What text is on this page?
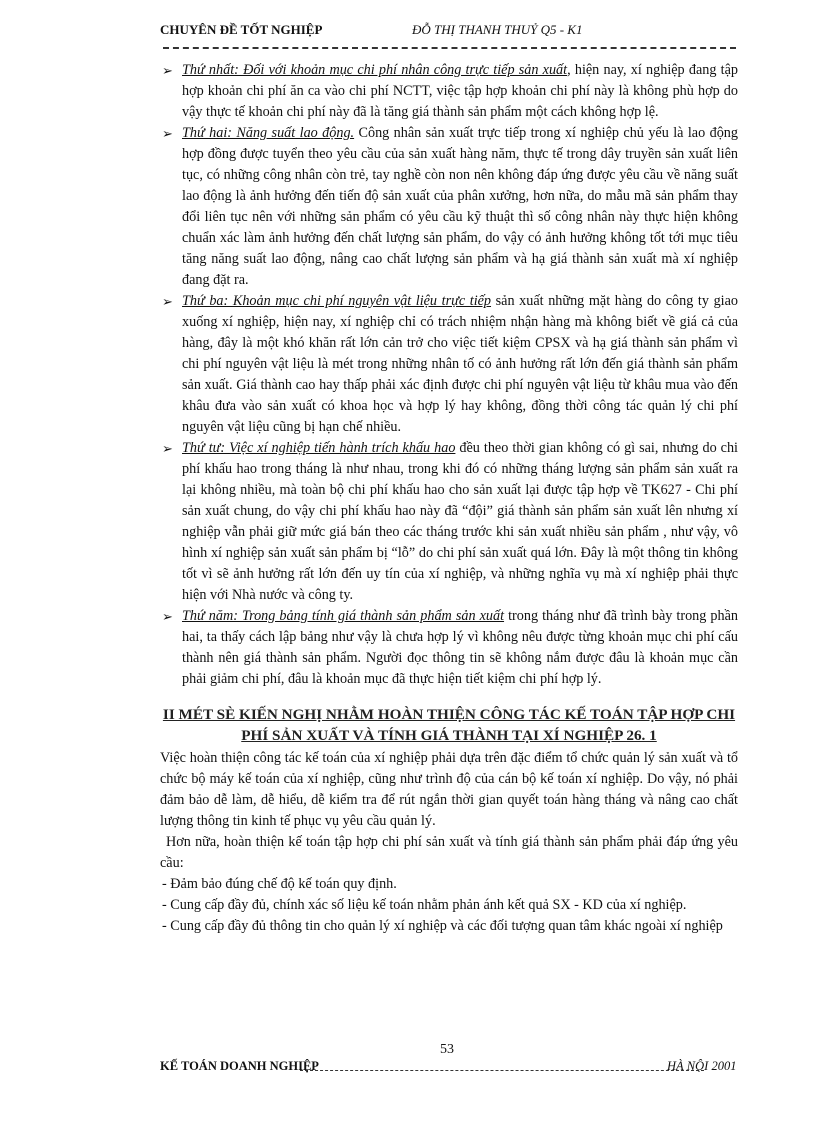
CHUYÊN ĐỀ TỐT NGHIỆP	ĐỖ THỊ THANH THUỶ Q5 - K1

➢ Thứ nhất: Đối với khoản mục chi phí nhân công trực tiếp sản xuất, hiện nay, xí nghiệp đang tập hợp khoản chi phí ăn ca vào chi phí NCTT, việc tập hợp khoản chi phí này là không phù hợp do vậy thực tế khoản chi phí này đã là tăng giá thành sản phẩm một cách không hợp lệ.

➢ Thứ hai: Năng suất lao động. Công nhân sản xuất trực tiếp trong xí nghiệp chủ yếu là lao động hợp đồng được tuyển theo yêu cầu của sản xuất hàng năm, thực tế trong dây truyền sản xuất liên tục, có những công nhân còn trẻ, tay nghề còn non nên không đáp ứng được yêu cầu về năng suất lao động là ảnh hưởng đến tiến độ sản xuất của phân xưởng, hơn nữa, do mẫu mã sản phẩm thay đổi liên tục nên với những sản phẩm có yêu cầu kỹ thuật thì số công nhân này thực hiện không chuẩn xác làm ảnh hưởng đến chất lượng sản phẩm, do vậy có ảnh hưởng không tốt tới mục tiêu tăng năng suất lao động, nâng cao chất lượng sản phẩm và hạ giá thành sản xuất mà xí nghiệp đang đặt ra.

➢ Thứ ba: Khoản mục chi phí nguyên vật liệu trực tiếp sản xuất những mặt hàng do công ty giao xuống xí nghiệp, hiện nay, xí nghiệp chỉ có trách nhiệm nhận hàng mà không biết về giá cả của hàng, đây là một khó khăn rất lớn cản trở cho việc tiết kiệm CPSX và hạ giá thành sản phẩm vì chi phí nguyên vật liệu là mét trong những nhân tố có ảnh hưởng rất lớn đến giá thành sản phẩm sản xuất. Giá thành cao hay thấp phải xác định được chi phí nguyên vật liệu từ khâu mua vào đến khâu đưa vào sản xuất có khoa học và hợp lý hay không, đồng thời công tác quản lý chi phí nguyên vật liệu cũng bị hạn chế nhiều.

➢ Thứ tư: Việc xí nghiệp tiến hành trích khấu hao đều theo thời gian không có gì sai, nhưng do chi phí khấu hao trong tháng là như nhau, trong khi đó có những tháng lượng sản phẩm sản xuất ra lại không nhiều, mà toàn bộ chi phí khấu hao cho sản xuất lại được tập hợp về TK627 - Chi phí sản xuất chung, do vậy chi phí khấu hao này đã “đội” giá thành sản phẩm sản xuất lên nhưng xí nghiệp vẫn phải giữ mức giá bán theo các tháng trước khi sản xuất nhiều sản phẩm , như vậy, vô hình xí nghiệp sản xuất sản phẩm bị “lỗ” do chi phí sản xuất quá lớn. Đây là một thông tin không tốt vì sẽ ảnh hưởng rất lớn đến uy tín của xí nghiệp, và những nghĩa vụ mà xí nghiệp phải thực hiện với Nhà nước và công ty.

➢ Thứ năm: Trong bảng tính giá thành sản phẩm sản xuất trong tháng như đã trình bày trong phần hai, ta thấy cách lập bảng như vậy là chưa hợp lý vì không nêu được từng khoản mục chi phí cấu thành nên giá thành sản phẩm. Người đọc thông tin sẽ không nắm được đâu là khoản mục cần phải giảm chi phí, đâu là khoản mục đã thực hiện tiết kiệm chi phí hợp lý.

II MÉT SÈ KIẾN NGHỊ NHẰM HOÀN THIỆN CÔNG TÁC KẾ TOÁN TẬP HỢP CHI PHÍ SẢN XUẤT VÀ TÍNH GIÁ THÀNH TẠI XÍ NGHIỆP 26. 1

Việc hoàn thiện công tác kế toán của xí nghiệp phải dựa trên đặc điểm tổ chức quản lý sản xuất và tổ chức bộ máy kế toán của xí nghiệp, cũng như trình độ của cán bộ kế toán xí nghiệp. Do vậy, nó phải đảm bảo dễ làm, dễ hiểu, dễ kiểm tra để rút ngắn thời gian quyết toán hàng tháng và nâng cao chất lượng thông tin kinh tế phục vụ yêu cầu quản lý.

Hơn nữa, hoàn thiện kế toán tập hợp chi phí sản xuất và tính giá thành sản phẩm phải đáp ứng yêu cầu:

- Đảm bảo đúng chế độ kế toán quy định.

- Cung cấp đầy đủ, chính xác số liệu kế toán nhằm phản ánh kết quả SX - KD của xí nghiệp.

- Cung cấp đầy đủ thông tin cho quản lý xí nghiệp và các đối tượng quan tâm khác ngoài xí nghiệp

53
KẾ TOÁN DOANH NGHIỆP	HÀ NỘI 2001
